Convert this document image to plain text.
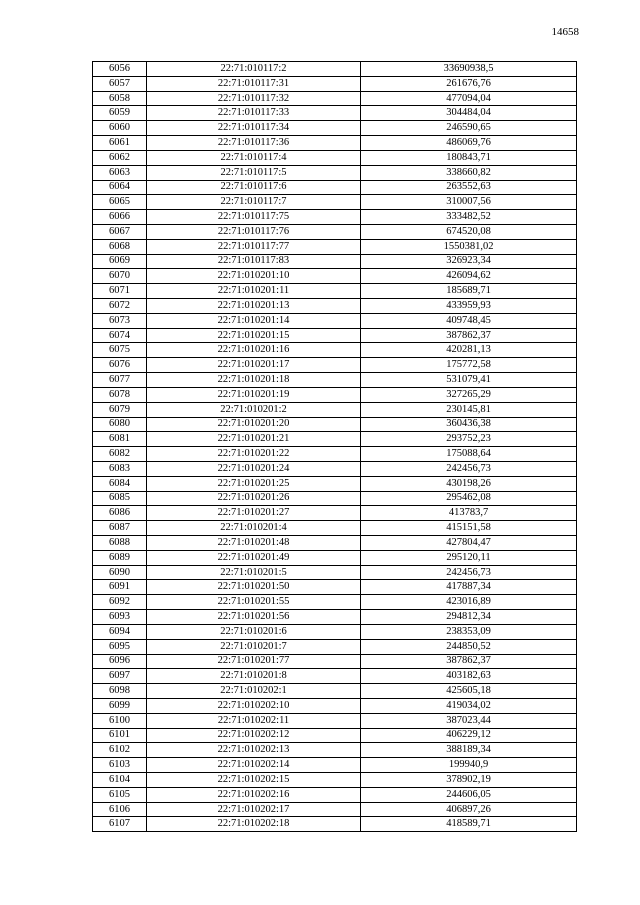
14658
6056	22:71:010117:2	33690938,5
6057	22:71:010117:31	261676,76
6058	22:71:010117:32	477094,04
6059	22:71:010117:33	304484,04
6060	22:71:010117:34	246590,65
6061	22:71:010117:36	486069,76
6062	22:71:010117:4	180843,71
6063	22:71:010117:5	338660,82
6064	22:71:010117:6	263552,63
6065	22:71:010117:7	310007,56
6066	22:71:010117:75	333482,52
6067	22:71:010117:76	674520,08
6068	22:71:010117:77	1550381,02
6069	22:71:010117:83	326923,34
6070	22:71:010201:10	426094,62
6071	22:71:010201:11	185689,71
6072	22:71:010201:13	433959,93
6073	22:71:010201:14	409748,45
6074	22:71:010201:15	387862,37
6075	22:71:010201:16	420281,13
6076	22:71:010201:17	175772,58
6077	22:71:010201:18	531079,41
6078	22:71:010201:19	327265,29
6079	22:71:010201:2	230145,81
6080	22:71:010201:20	360436,38
6081	22:71:010201:21	293752,23
6082	22:71:010201:22	175088,64
6083	22:71:010201:24	242456,73
6084	22:71:010201:25	430198,26
6085	22:71:010201:26	295462,08
6086	22:71:010201:27	413783,7
6087	22:71:010201:4	415151,58
6088	22:71:010201:48	427804,47
6089	22:71:010201:49	295120,11
6090	22:71:010201:5	242456,73
6091	22:71:010201:50	417887,34
6092	22:71:010201:55	423016,89
6093	22:71:010201:56	294812,34
6094	22:71:010201:6	238353,09
6095	22:71:010201:7	244850,52
6096	22:71:010201:77	387862,37
6097	22:71:010201:8	403182,63
6098	22:71:010202:1	425605,18
6099	22:71:010202:10	419034,02
6100	22:71:010202:11	387023,44
6101	22:71:010202:12	406229,12
6102	22:71:010202:13	388189,34
6103	22:71:010202:14	199940,9
6104	22:71:010202:15	378902,19
6105	22:71:010202:16	244606,05
6106	22:71:010202:17	406897,26
6107	22:71:010202:18	418589,71
